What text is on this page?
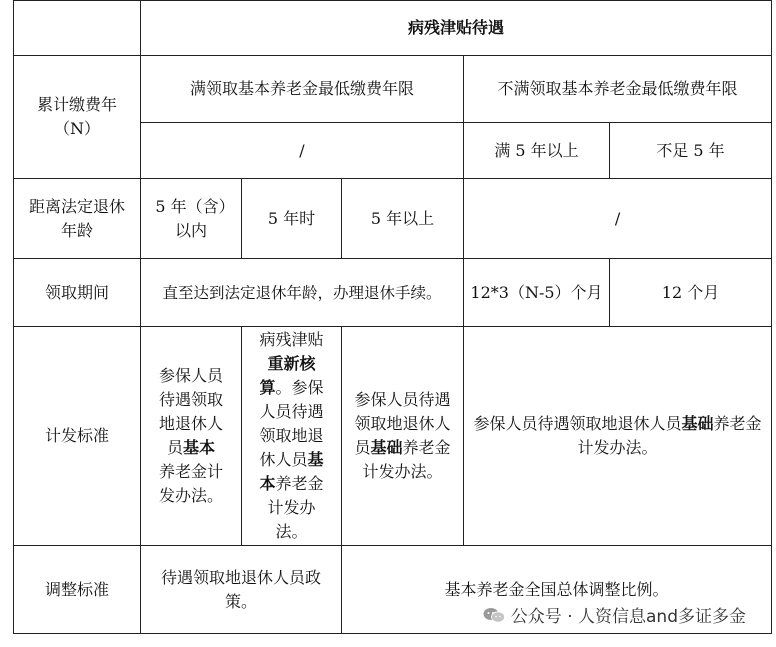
	病残津贴待遇				
累计缴费年（N）	满领取基本养老金最低缴费年限			不满领取基本养老金最低缴费年限	
	/			满 5 年以上	不足 5 年
距离法定退休年龄	5 年（含）以内	5 年时	5 年以上	/	
领取期间	直至达到法定退休年龄，办理退休手续。			12*3（N-5）个月	12 个月
计发标准	参保人员待遇领取地退休人员基本养老金计发办法。	病残津贴重新核算。参保人员待遇领取地退休人员基本养老金计发办法。	参保人员待遇领取地退休人员基础养老金计发办法。	参保人员待遇领取地退休人员基础养老金计发办法。	
调整标准	待遇领取地退休人员政策。		基本养老金全国总体调整比例。		
公众号 · 人资信息and多证多金
